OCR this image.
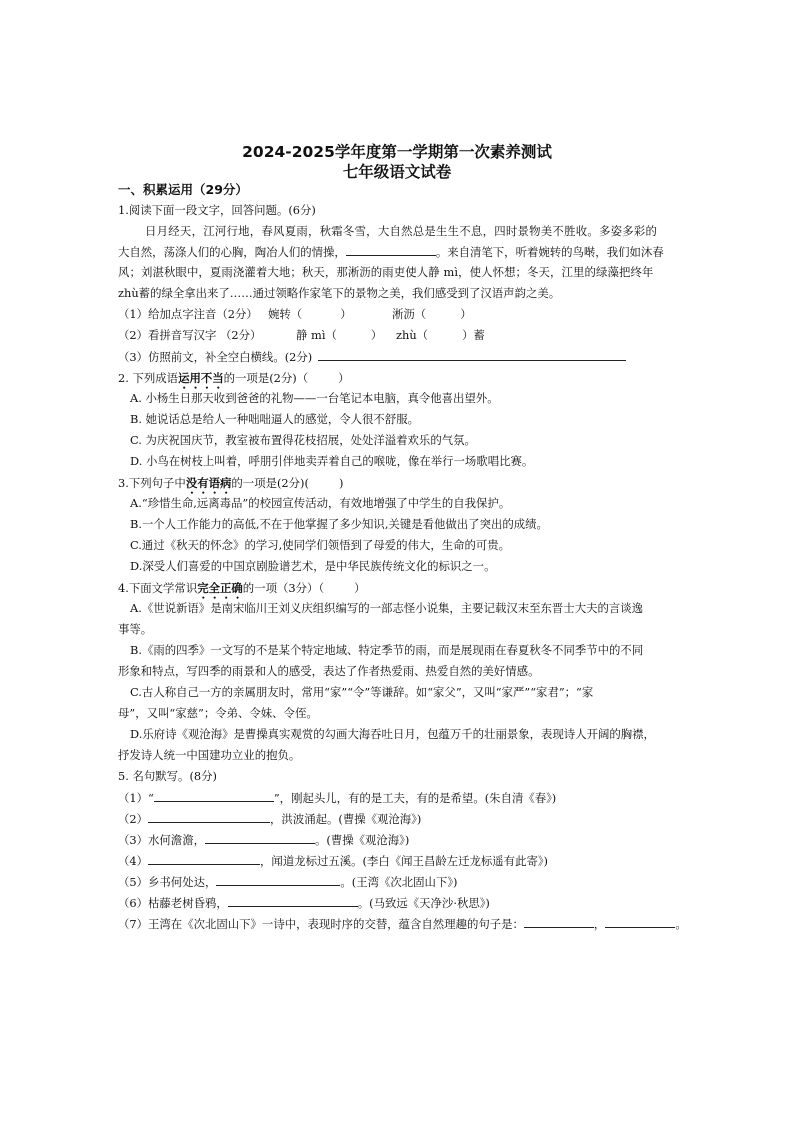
2024-2025学年度第一学期第一次素养测试
七年级语文试卷
一、积累运用（29分）
1.阅读下面一段文字，回答问题。(6分)
日月经天，江河行地，春风夏雨，秋霜冬雪，大自然总是生生不息，四时景物美不胜收。多姿多彩的
大自然，荡涤人们的心胸，陶冶人们的情操，	。来自清笔下，听着婉转的鸟啭，我们如沐春
风；刘湛秋眼中，夏雨浇灌着大地；秋天，那淅沥的雨吏使人静 mì，使人怀想；冬天，江里的绿藻把终年
zhù蓄的绿全拿出来了……通过领略作家笔下的景物之美，我们感受到了汉语声韵之美。
（1）给加点字注音（2分） 婉转（	）	淅沥（	）
（2）看拼音写汉字 （2分）	静 mì（	） zhù（	）蓄
（3）仿照前文，补全空白横线。(2分)
2. 下列成语运用不当的一项是(2分)（	）
A. 小杨生日那天收到爸爸的礼物——一台笔记本电脑，真令他喜出望外。
B. 她说话总是给人一种咄咄逼人的感觉，令人很不舒服。
C. 为庆祝国庆节，教室被布置得花枝招展，处处洋溢着欢乐的气氛。
D. 小鸟在树枝上叫着，呼朋引伴地卖弄着自己的喉咙，像在举行一场歌唱比赛。
3.下列句子中没有语病的一项是(2分)(	)
A.“珍惜生命,远离毒品”的校园宣传活动，有效地增强了中学生的自我保护。
B.一个人工作能力的高低,不在于他掌握了多少知识,关键是看他做出了突出的成绩。
C.通过《秋天的怀念》的学习,使同学们领悟到了母爱的伟大，生命的可贵。
D.深受人们喜爱的中国京剧脸谱艺术，是中华民族传统文化的标识之一。
4.下面文学常识完全正确的一项（3分）（	）
A.《世说新语》是南宋临川王刘义庆组织编写的一部志怪小说集，主要记载汉末至东晋士大夫的言谈逸
事等。
B.《雨的四季》一文写的不是某个特定地域、特定季节的雨，而是展现雨在春夏秋冬不同季节中的不同
形象和特点，写四季的雨景和人的感受，表达了作者热爱雨、热爱自然的美好情感。
C.古人称自己一方的亲属朋友时，常用“家”“令”等谦辞。如“家父”，又叫“家严”“家君”；“家
母”，又叫“家慈”；令弟、令妹、令侄。
D.乐府诗《观沧海》是曹操真实观赏的勾画大海吞吐日月，包蕴万千的壮丽景象，表现诗人开阔的胸襟，
抒发诗人统一中国建功立业的抱负。
5. 名句默写。(8分)
（1）“	”，刚起头儿，有的是工夫，有的是希望。(朱自清《春》)
（2）	，洪波涌起。(曹操《观沧海》)
（3）水何澹澹，	。(曹操《观沧海》)
（4）	，闻道龙标过五溪。(李白《闻王昌龄左迁龙标遥有此寄》)
（5）乡书何处达，	。(王湾《次北固山下》)
（6）枯藤老树昏鸦，	。(马致远《天净沙·秋思》)
（7）王湾在《次北固山下》一诗中，表现时序的交替，蕴含自然理趣的句子是：	，	。
